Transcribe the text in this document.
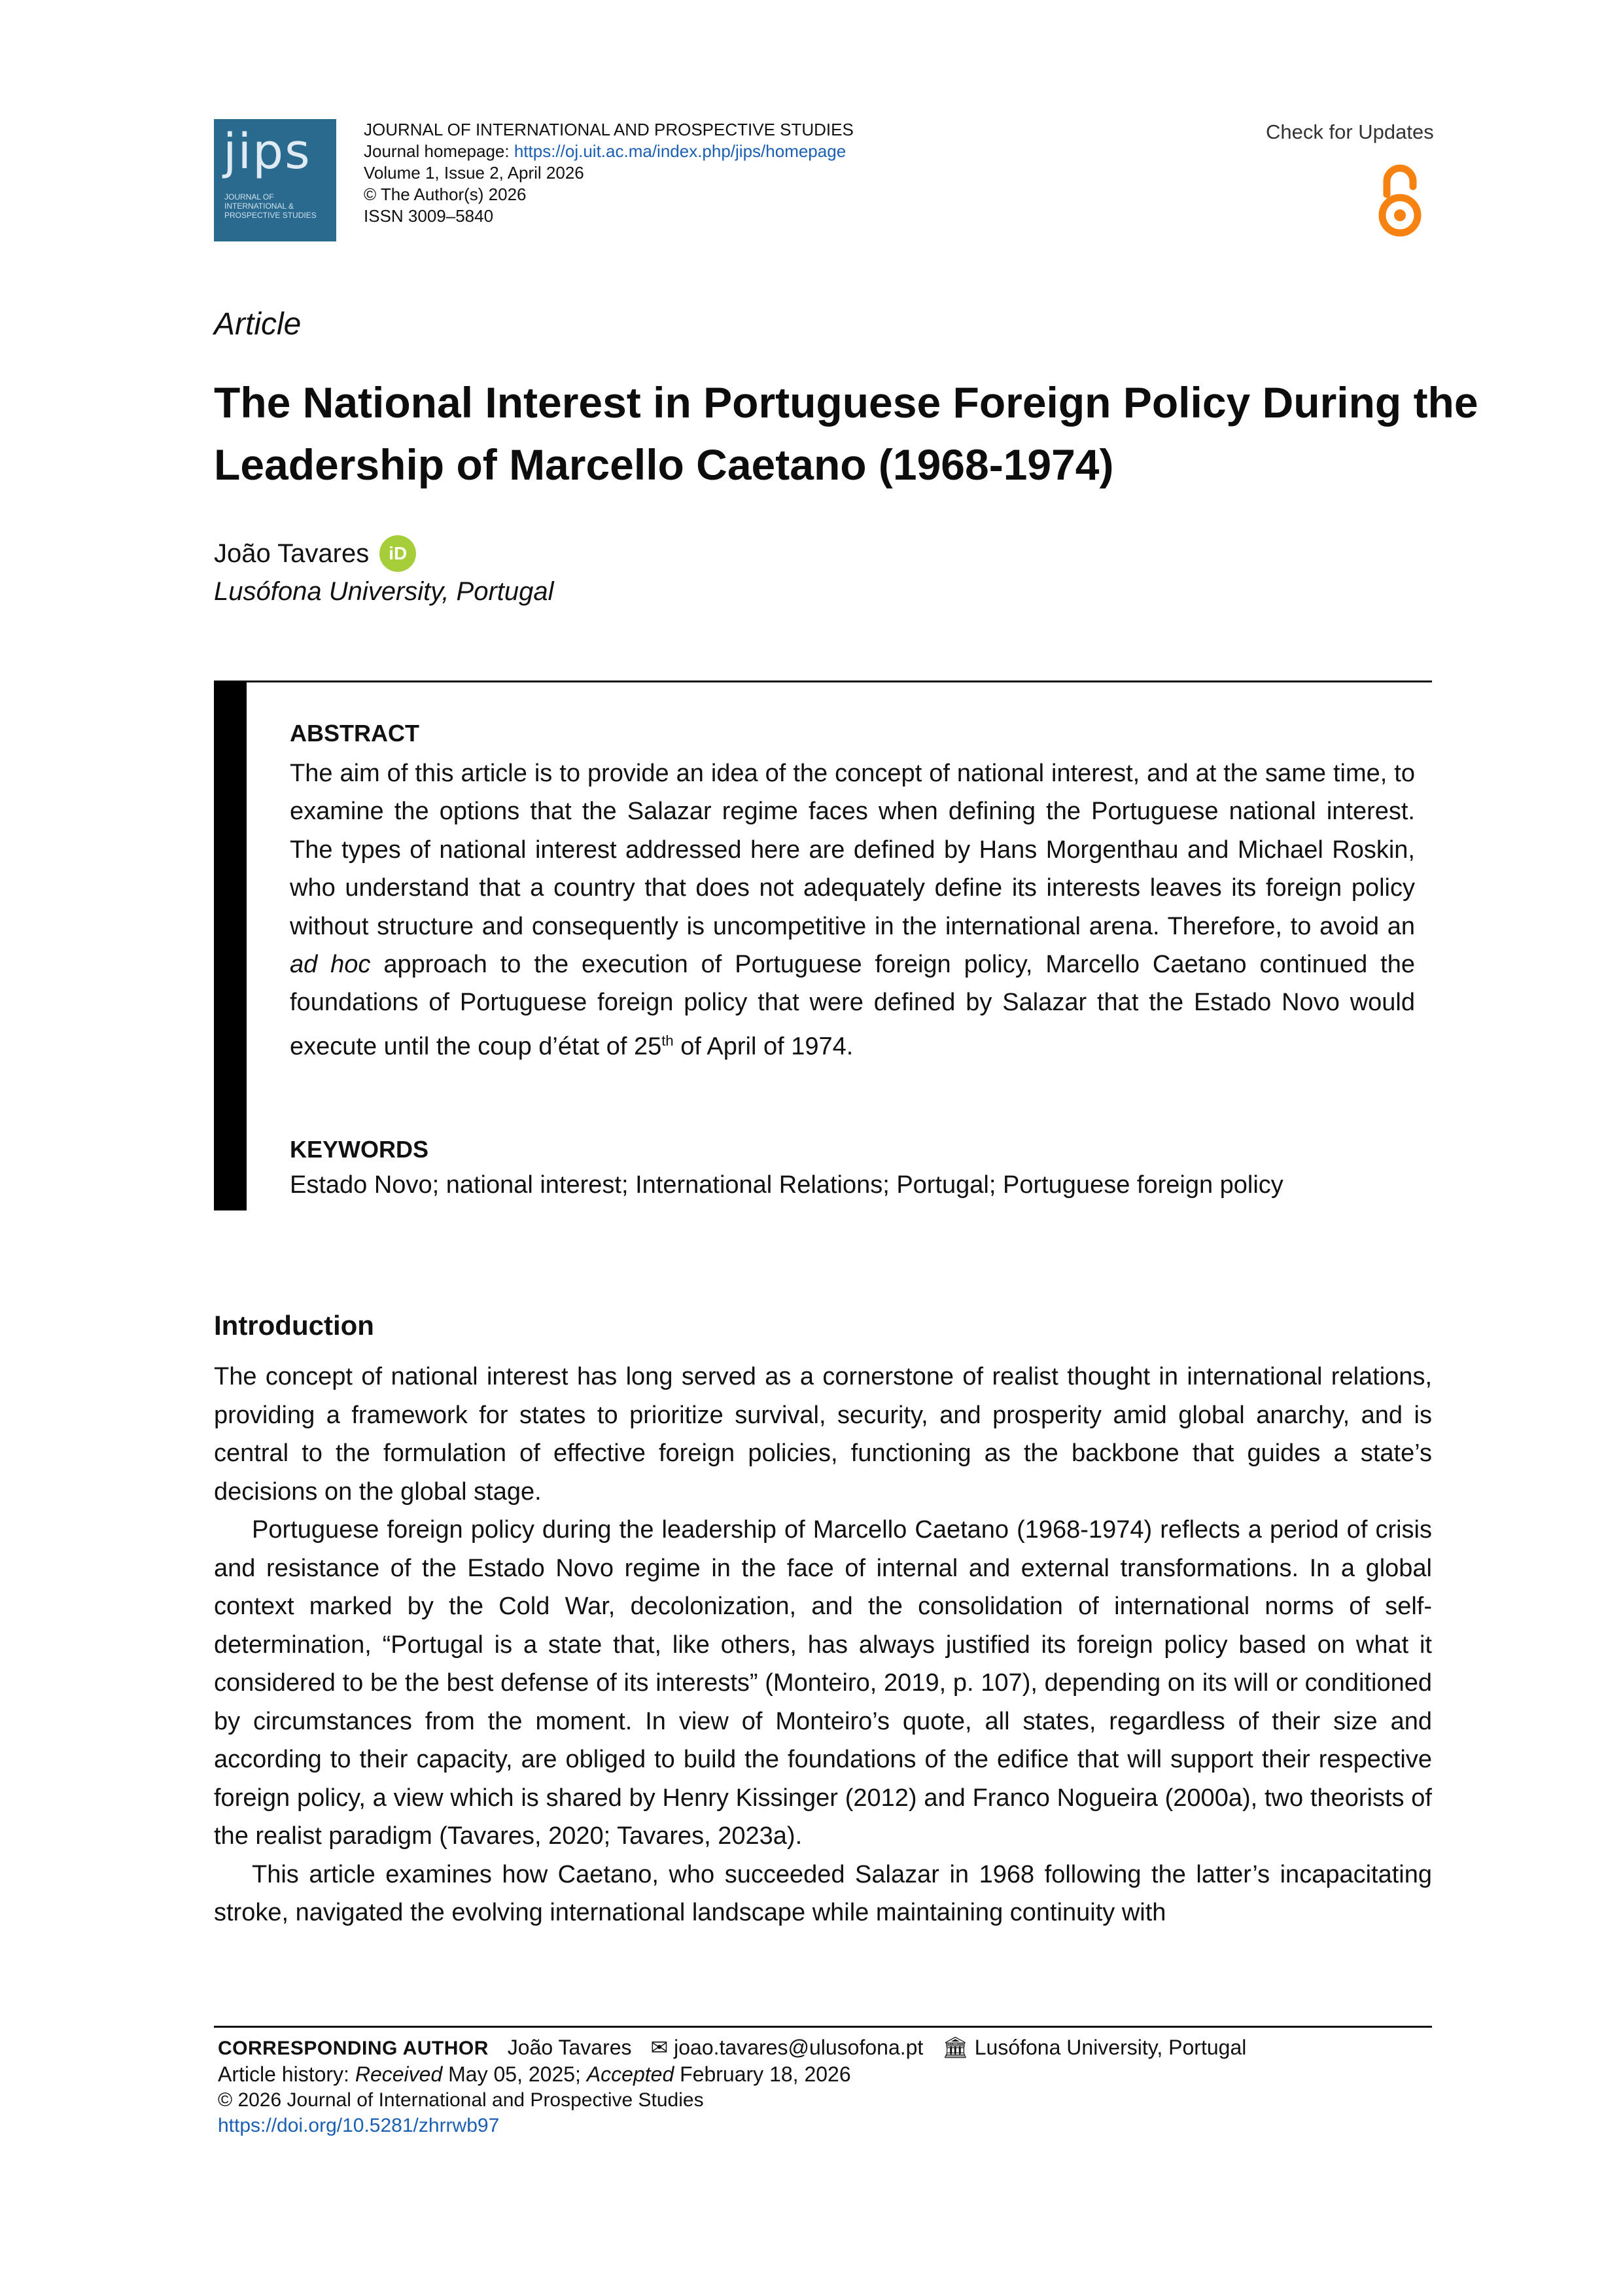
jips
JOURNAL OF
INTERNATIONAL &
PROSPECTIVE STUDIES
JOURNAL OF INTERNATIONAL AND PROSPECTIVE STUDIES
Journal homepage: https://oj.uit.ac.ma/index.php/jips/homepage
Volume 1, Issue 2, April 2026
© The Author(s) 2026
ISSN 3009–5840
Check for Updates
Article
The National Interest in Portuguese Foreign Policy During the Leadership of Marcello Caetano (1968-1974)
João Tavares	iD
Lusófona University, Portugal
ABSTRACT
The aim of this article is to provide an idea of the concept of national interest, and at the same time, to examine the options that the Salazar regime faces when defining the Portuguese national interest. The types of national interest addressed here are defined by Hans Morgenthau and Michael Roskin, who understand that a country that does not adequately define its interests leaves its foreign policy without structure and consequently is uncompetitive in the international arena. Therefore, to avoid an ad hoc approach to the execution of Portuguese foreign policy, Marcello Caetano continued the foundations of Portuguese foreign policy that were defined by Salazar that the Estado Novo would execute until the coup d’état of 25th of April of 1974.
KEYWORDS
Estado Novo; national interest; International Relations; Portugal; Portuguese foreign policy
Introduction

The concept of national interest has long served as a cornerstone of realist thought in international relations, providing a framework for states to prioritize survival, security, and prosperity amid global anarchy, and is central to the formulation of effective foreign policies, functioning as the backbone that guides a state’s decisions on the global stage.

Portuguese foreign policy during the leadership of Marcello Caetano (1968-1974) reflects a period of crisis and resistance of the Estado Novo regime in the face of internal and external transformations. In a global context marked by the Cold War, decolonization, and the consolidation of international norms of self-determination, “Portugal is a state that, like others, has always justified its foreign policy based on what it considered to be the best defense of its interests” (Monteiro, 2019, p. 107), depending on its will or conditioned by circumstances from the moment. In view of Monteiro’s quote, all states, regardless of their size and according to their capacity, are obliged to build the foundations of the edifice that will support their respective foreign policy, a view which is shared by Henry Kissinger (2012) and Franco Nogueira (2000a), two theorists of the realist paradigm (Tavares, 2020; Tavares, 2023a).

This article examines how Caetano, who succeeded Salazar in 1968 following the latter’s incapacitating stroke, navigated the evolving international landscape while maintaining continuity with

CORRESPONDING AUTHOR João Tavares ✉ joao.tavares@ulusofona.pt 🏛 Lusófona University, Portugal
Article history: Received May 05, 2025; Accepted February 18, 2026
© 2026 Journal of International and Prospective Studies
https://doi.org/10.5281/zhrrwb97
